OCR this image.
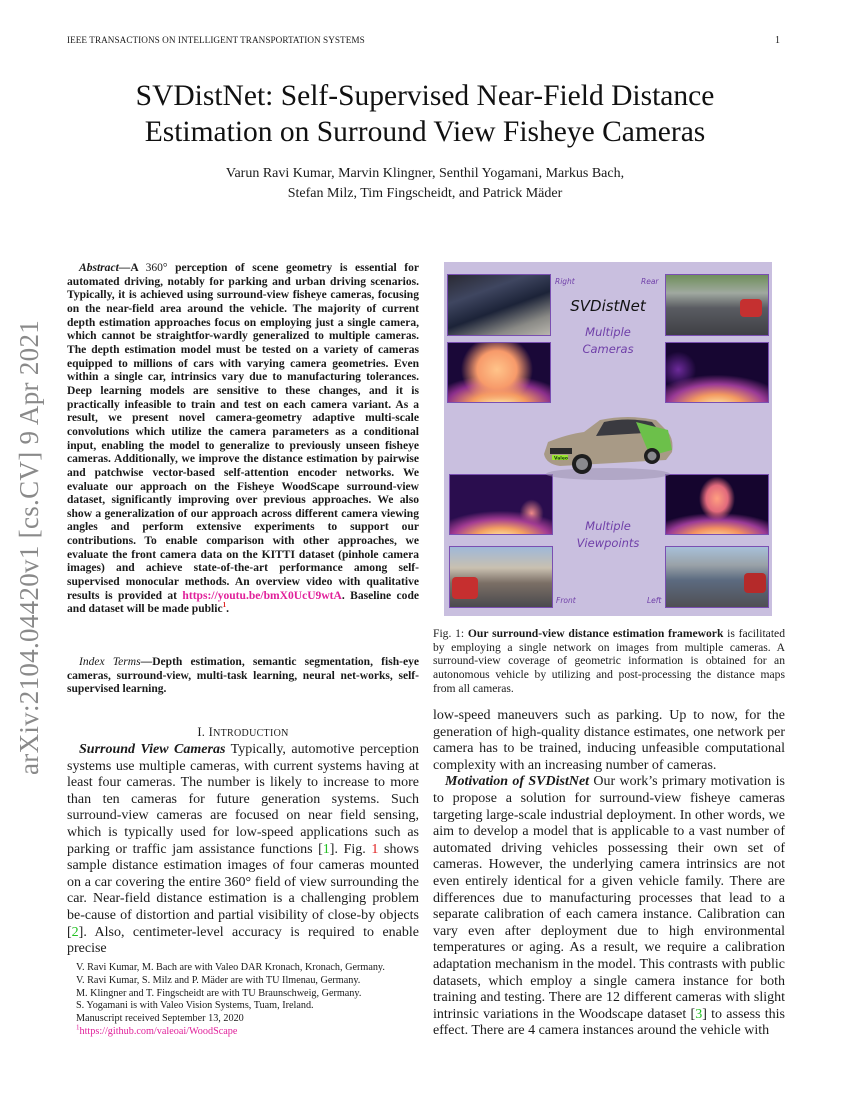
IEEE TRANSACTIONS ON INTELLIGENT TRANSPORTATION SYSTEMS	1
SVDistNet: Self-Supervised Near-Field Distance
Estimation on Surround View Fisheye Cameras
Varun Ravi Kumar, Marvin Klingner, Senthil Yogamani, Markus Bach,
Stefan Milz, Tim Fingscheidt, and Patrick Mäder
arXiv:2104.04420v1 [cs.CV] 9 Apr 2021

Abstract—A 360° perception of scene geometry is essential for automated driving, notably for parking and urban driving scenarios. Typically, it is achieved using surround-view fisheye cameras, focusing on the near-field area around the vehicle. The majority of current depth estimation approaches focus on employing just a single camera, which cannot be straightfor-wardly generalized to multiple cameras. The depth estimation model must be tested on a variety of cameras equipped to millions of cars with varying camera geometries. Even within a single car, intrinsics vary due to manufacturing tolerances. Deep learning models are sensitive to these changes, and it is practically infeasible to train and test on each camera variant. As a result, we present novel camera-geometry adaptive multi-scale convolutions which utilize the camera parameters as a conditional input, enabling the model to generalize to previously unseen fisheye cameras. Additionally, we improve the distance estimation by pairwise and patchwise vector-based self-attention encoder networks. We evaluate our approach on the Fisheye WoodScape surround-view dataset, significantly improving over previous approaches. We also show a generalization of our approach across different camera viewing angles and perform extensive experiments to support our contributions. To enable comparison with other approaches, we evaluate the front camera data on the KITTI dataset (pinhole camera images) and achieve state-of-the-art performance among self-supervised monocular methods. An overview video with qualitative results is provided at https://youtu.be/bmX0UcU9wtA. Baseline code and dataset will be made public$^1$.

Index Terms—Depth estimation, semantic segmentation, fish-eye cameras, surround-view, multi-task learning, neural net-works, self-supervised learning.

I. INTRODUCTION

Surround View Cameras Typically, automotive perception systems use multiple cameras, with current systems having at least four cameras. The number is likely to increase to more than ten cameras for future generation systems. Such surround-view cameras are focused on near field sensing, which is typically used for low-speed applications such as parking or traffic jam assistance functions [1]. Fig. 1 shows sample distance estimation images of four cameras mounted on a car covering the entire 360° field of view surrounding the car. Near-field distance estimation is a challenging problem be-cause of distortion and partial visibility of close-by objects [2]. Also, centimeter-level accuracy is required to enable precise

V. Ravi Kumar, M. Bach are with Valeo DAR Kronach, Kronach, Germany.
V. Ravi Kumar, S. Milz and P. Mäder are with TU Ilmenau, Germany.
M. Klingner and T. Fingscheidt are with TU Braunschweig, Germany.
S. Yogamani is with Valeo Vision Systems, Tuam, Ireland.
Manuscript received September 13, 2020
$^1$https://github.com/valeoai/WoodScape
Right	Rear
Front	Left
SVDistNet
Multiple
Cameras
Multiple
Viewpoints
Valeo

Fig. 1: Our surround-view distance estimation framework is facilitated by employing a single network on images from multiple cameras. A surround-view coverage of geometric information is obtained for an autonomous vehicle by utilizing and post-processing the distance maps from all cameras.

low-speed maneuvers such as parking. Up to now, for the generation of high-quality distance estimates, one network per camera has to be trained, inducing unfeasible computational complexity with an increasing number of cameras.

Motivation of SVDistNet Our work’s primary motivation is to propose a solution for surround-view fisheye cameras targeting large-scale industrial deployment. In other words, we aim to develop a model that is applicable to a vast number of automated driving vehicles possessing their own set of cameras. However, the underlying camera intrinsics are not even entirely identical for a given vehicle family. There are differences due to manufacturing processes that lead to a separate calibration of each camera instance. Calibration can vary even after deployment due to high environmental temperatures or aging. As a result, we require a calibration adaptation mechanism in the model. This contrasts with public datasets, which employ a single camera instance for both training and testing. There are 12 different cameras with slight intrinsic variations in the Woodscape dataset [3] to assess this effect. There are 4 camera instances around the vehicle with
